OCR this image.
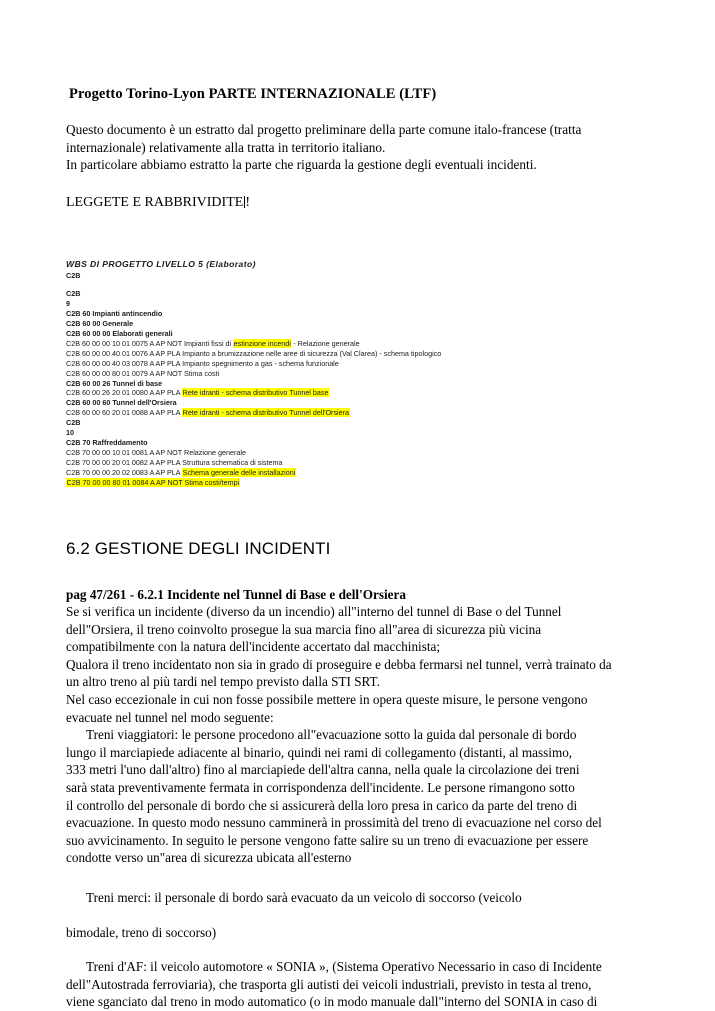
Progetto Torino-Lyon PARTE INTERNAZIONALE (LTF)
Questo documento è un estratto dal progetto preliminare della parte comune italo-francese (tratta
internazionale) relativamente alla tratta in territorio italiano.
In particolare abbiamo estratto la parte che riguarda la gestione degli eventuali incidenti.
LEGGETE E RABBRIVIDITE !
WBS DI PROGETTO LIVELLO 5 (Elaborato)
C2B
C2B
9
C2B 60 Impianti antincendio
C2B 60 00 Generale
C2B 60 00 00 Elaborati generali
C2B 60 00 00 10 01 0075 A AP NOT Impianti fissi di estinzione incendi - Relazione generale
C2B 60 00 00 40 01 0076 A AP PLA Impianto a brumizzazione nelle aree di sicurezza (Val Clarea) - schema tipologico
C2B 60 00 00 40 03 0078 A AP PLA Impianto spegnimento a gas - schema funzionale
C2B 60 00 00 80 01 0079 A AP NOT Stima costi
C2B 60 00 26 Tunnel di base
C2B 60 00 26 20 01 0080 A AP PLA Rete idranti - schema distributivo Tunnel base
C2B 60 00 60 Tunnel dell'Orsiera
C2B 60 00 60 20 01 0088 A AP PLA Rete idranti - schema distributivo Tunnel dell'Orsiera
C2B
10
C2B 70 Raffreddamento
C2B 70 00 00 10 01 0081 A AP NOT Relazione generale
C2B 70 00 00 20 01 0082 A AP PLA Struttura schematica di sistema
C2B 70 00 00 20 02 0083 A AP PLA Schema generale delle installazioni
C2B 70 00 00 80 01 0084 A AP NOT Stima costi/tempi
6.2 GESTIONE DEGLI INCIDENTI
pag 47/261 - 6.2.1 Incidente nel Tunnel di Base e dell'Orsiera
Se si verifica un incidente (diverso da un incendio) all"interno del tunnel di Base o del Tunnel
dell"Orsiera, il treno coinvolto prosegue la sua marcia fino all"area di sicurezza più vicina
compatibilmente con la natura dell'incidente accertato dal macchinista;
Qualora il treno incidentato non sia in grado di proseguire e debba fermarsi nel tunnel, verrà trainato da
un altro treno al più tardi nel tempo previsto dalla STI SRT.
Nel caso eccezionale in cui non fosse possibile mettere in opera queste misure, le persone vengono
evacuate nel tunnel nel modo seguente:
Treni viaggiatori: le persone procedono all"evacuazione sotto la guida dal personale di bordo
lungo il marciapiede adiacente al binario, quindi nei rami di collegamento (distanti, al massimo,
333 metri l'uno dall'altro) fino al marciapiede dell'altra canna, nella quale la circolazione dei treni
sarà stata preventivamente fermata in corrispondenza dell'incidente. Le persone rimangono sotto
il controllo del personale di bordo che si assicurerà della loro presa in carico da parte del treno di
evacuazione. In questo modo nessuno camminerà in prossimità del treno di evacuazione nel corso del
suo avvicinamento. In seguito le persone vengono fatte salire su un treno di evacuazione per essere
condotte verso un"area di sicurezza ubicata all'esterno
Treni merci: il personale di bordo sarà evacuato da un veicolo di soccorso (veicolo
bimodale, treno di soccorso)
Treni d'AF: il veicolo automotore « SONIA », (Sistema Operativo Necessario in caso di Incidente
dell"Autostrada ferroviaria), che trasporta gli autisti dei veicoli industriali, previsto in testa al treno,
viene sganciato dal treno in modo automatico (o in modo manuale dall"interno del SONIA in caso di
